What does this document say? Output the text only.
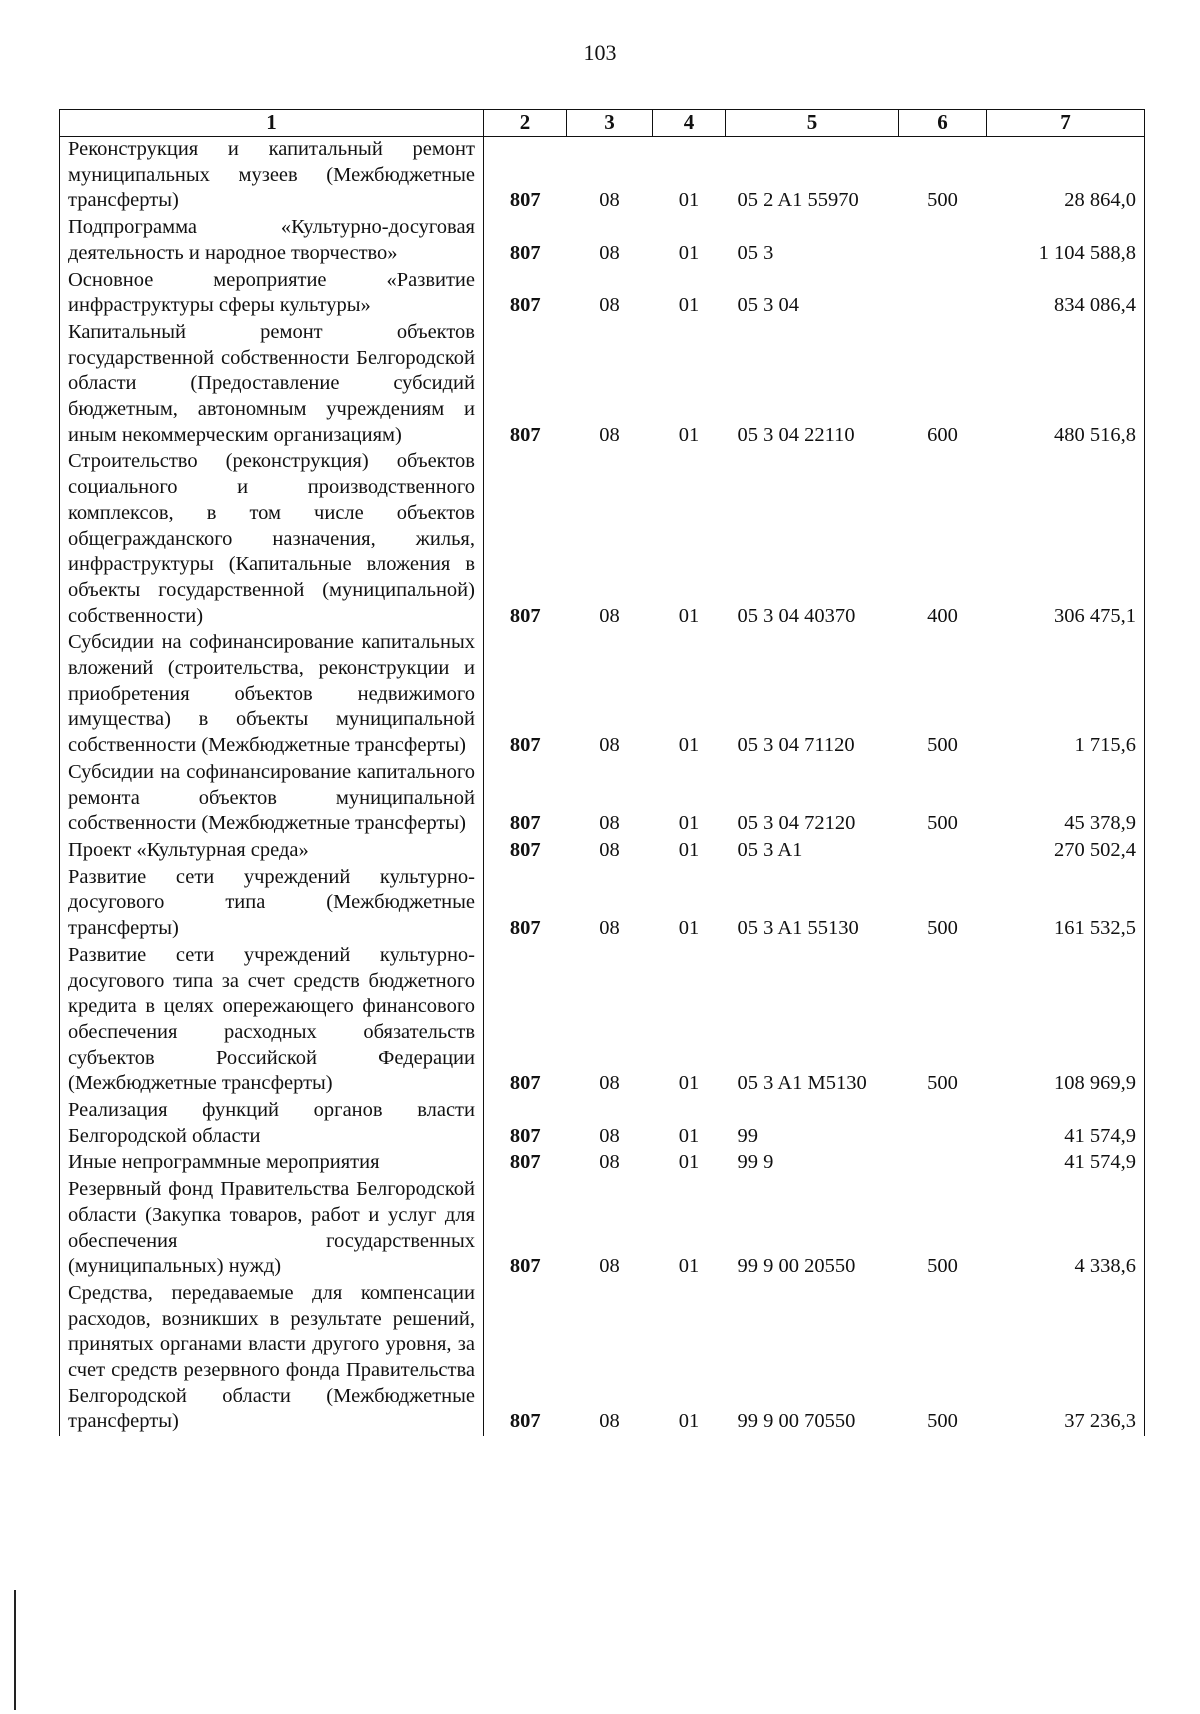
103
1	2	3	4	5	6	7
Реконструкция и капитальный ремонт муниципальных музеев (Межбюджетные трансферты)	807	08	01	05 2 A1 55970	500	28 864,0
Подпрограмма «Культурно-досуговая деятельность и народное творчество»	807	08	01	05 3		1 104 588,8
Основное мероприятие «Развитие инфраструктуры сферы культуры»	807	08	01	05 3 04		834 086,4
Капитальный ремонт объектов государственной собственности Белгородской области (Предоставление субсидий бюджетным, автономным учреждениям и иным некоммерческим организациям)	807	08	01	05 3 04 22110	600	480 516,8
Строительство (реконструкция) объектов социального и производственного комплексов, в том числе объектов общегражданского назначения, жилья, инфраструктуры (Капитальные вложения в объекты государственной (муниципальной) собственности)	807	08	01	05 3 04 40370	400	306 475,1
Субсидии на софинансирование капитальных вложений (строительства, реконструкции и приобретения объектов недвижимого имущества) в объекты муниципальной собственности (Межбюджетные трансферты)	807	08	01	05 3 04 71120	500	1 715,6
Субсидии на софинансирование капитального ремонта объектов муниципальной собственности (Межбюджетные трансферты)	807	08	01	05 3 04 72120	500	45 378,9
Проект «Культурная среда»	807	08	01	05 3 A1		270 502,4
Развитие сети учреждений культурно-досугового типа (Межбюджетные трансферты)	807	08	01	05 3 A1 55130	500	161 532,5
Развитие сети учреждений культурно-досугового типа за счет средств бюджетного кредита в целях опережающего финансового обеспечения расходных обязательств субъектов Российской Федерации (Межбюджетные трансферты)	807	08	01	05 3 A1 M5130	500	108 969,9
Реализация функций органов власти Белгородской области	807	08	01	99		41 574,9
Иные непрограммные мероприятия	807	08	01	99 9		41 574,9
Резервный фонд Правительства Белгородской области (Закупка товаров, работ и услуг для обеспечения государственных (муниципальных) нужд)	807	08	01	99 9 00 20550	500	4 338,6
Средства, передаваемые для компенсации расходов, возникших в результате решений, принятых органами власти другого уровня, за счет средств резервного фонда Правительства Белгородской области (Межбюджетные трансферты)	807	08	01	99 9 00 70550	500	37 236,3
